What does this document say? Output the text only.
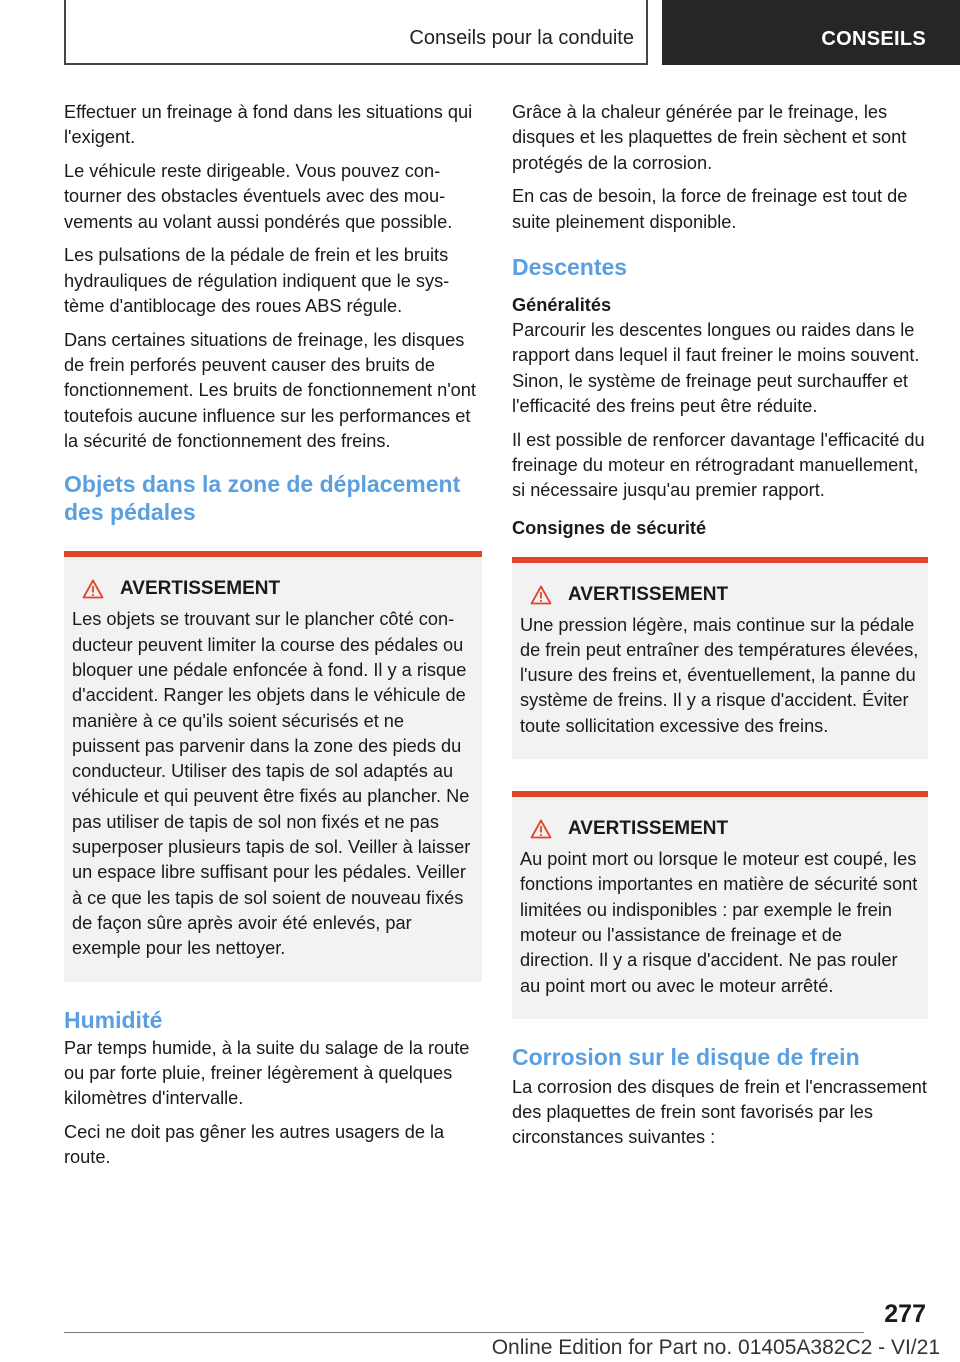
Conseils pour la conduite	CONSEILS

Effectuer un freinage à fond dans les situations qui l'exigent.

Le véhicule reste dirigeable. Vous pouvez contourner des obstacles éventuels avec des mouvements au volant aussi pondérés que possible.

Les pulsations de la pédale de frein et les bruits hydrauliques de régulation indiquent que le système d'antiblocage des roues ABS régule.

Dans certaines situations de freinage, les disques de frein perforés peuvent causer des bruits de fonctionnement. Les bruits de fonctionnement n'ont toutefois aucune influence sur les performances et la sécurité de fonctionnement des freins.

Objets dans la zone de déplacement des pédales
AVERTISSEMENT

Les objets se trouvant sur le plancher côté conducteur peuvent limiter la course des pédales ou bloquer une pédale enfoncée à fond. Il y a risque d'accident. Ranger les objets dans le véhicule de manière à ce qu'ils soient sécurisés et ne puissent pas parvenir dans la zone des pieds du conducteur. Utiliser des tapis de sol adaptés au véhicule et qui peuvent être fixés au plancher. Ne pas utiliser de tapis de sol non fixés et ne pas superposer plusieurs tapis de sol. Veiller à laisser un espace libre suffisant pour les pédales. Veiller à ce que les tapis de sol soient de nouveau fixés de façon sûre après avoir été enlevés, par exemple pour les nettoyer.

Humidité

Par temps humide, à la suite du salage de la route ou par forte pluie, freiner légèrement à quelques kilomètres d'intervalle.

Ceci ne doit pas gêner les autres usagers de la route.

Grâce à la chaleur générée par le freinage, les disques et les plaquettes de frein sèchent et sont protégés de la corrosion.

En cas de besoin, la force de freinage est tout de suite pleinement disponible.

Descentes
Généralités

Parcourir les descentes longues ou raides dans le rapport dans lequel il faut freiner le moins souvent. Sinon, le système de freinage peut surchauffer et l'efficacité des freins peut être réduite.

Il est possible de renforcer davantage l'efficacité du freinage du moteur en rétrogradant manuellement, si nécessaire jusqu'au premier rapport.

Consignes de sécurité
AVERTISSEMENT

Une pression légère, mais continue sur la pédale de frein peut entraîner des températures élevées, l'usure des freins et, éventuellement, la panne du système de freins. Il y a risque d'accident. Éviter toute sollicitation excessive des freins.

AVERTISSEMENT

Au point mort ou lorsque le moteur est coupé, les fonctions importantes en matière de sécurité sont limitées ou indisponibles : par exemple le frein moteur ou l'assistance de freinage et de direction. Il y a risque d'accident. Ne pas rouler au point mort ou avec le moteur arrêté.

Corrosion sur le disque de frein

La corrosion des disques de frein et l'encrassement des plaquettes de frein sont favorisés par les circonstances suivantes :

277
Online Edition for Part no. 01405A382C2 - VI/21
